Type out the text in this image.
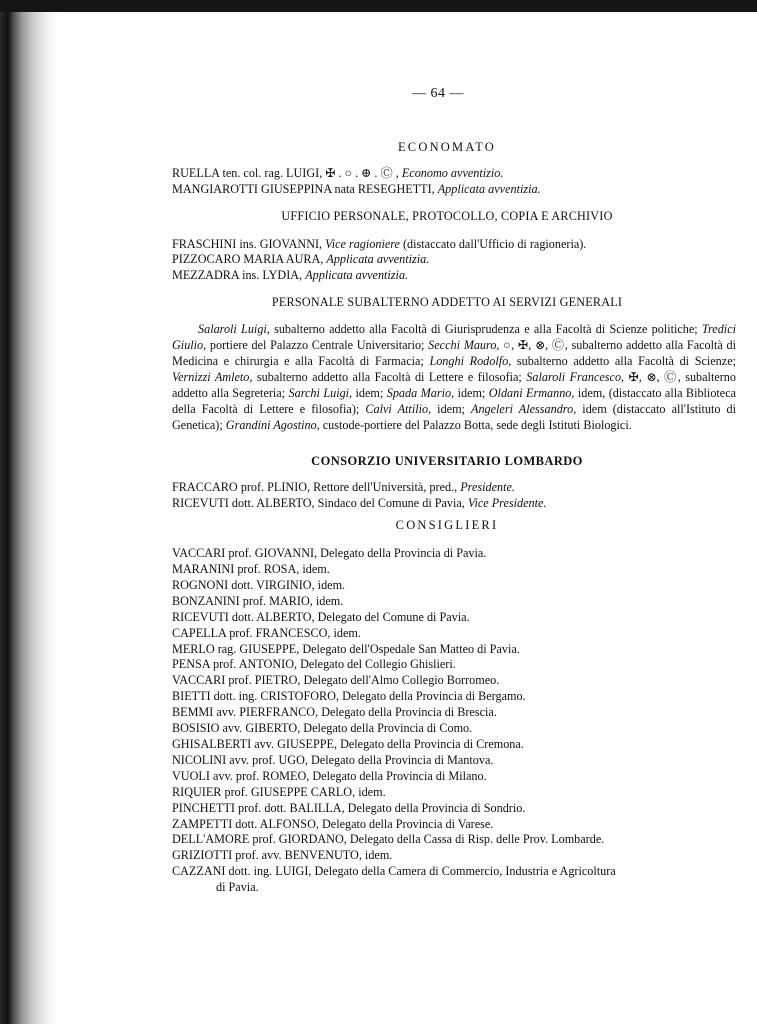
— 64 —
ECONOMATO
RUELLA ten. col. rag. LUIGI, ✠ . ○ . ⊕ . Ⓒ , Economo avventizio.
MANGIAROTTI GIUSEPPINA nata RESEGHETTI, Applicata avventizia.
UFFICIO PERSONALE, PROTOCOLLO, COPIA E ARCHIVIO
FRASCHINI ins. GIOVANNI, Vice ragioniere (distaccato dall'Ufficio di ragioneria).
PIZZOCARO MARIA AURA, Applicata avventizia.
MEZZADRA ins. LYDIA, Applicata avventizia.
PERSONALE SUBALTERNO ADDETTO AI SERVIZI GENERALI
Salaroli Luigi, subalterno addetto alla Facoltà di Giurisprudenza e alla Facoltà di Scienze politiche; Tredici Giulio, portiere del Palazzo Centrale Universitario; Secchi Mauro, ○, ✠, ⊗, Ⓒ, subalterno addetto alla Facoltà di Medicina e chirurgia e alla Facoltà di Farmacia; Longhi Rodolfo, subalterno addetto alla Facoltà di Scienze; Vernizzi Amleto, subalterno addetto alla Facoltà di Lettere e filosofia; Salaroli Francesco, ✠, ⊗, Ⓒ, subalterno addetto alla Segreteria; Sarchi Luigi, idem; Spada Mario, idem; Oldani Ermanno, idem, (distaccato alla Biblioteca della Facoltà di Lettere e filosofia); Calvi Attilio, idem; Angeleri Alessandro, idem (distaccato all'Istituto di Genetica); Grandini Agostino, custode-portiere del Palazzo Botta, sede degli Istituti Biologici.
CONSORZIO UNIVERSITARIO LOMBARDO
FRACCARO prof. PLINIO, Rettore dell'Università, pred., Presidente.
RICEVUTI dott. ALBERTO, Sindaco del Comune di Pavia, Vice Presidente.
CONSIGLIERI
VACCARI prof. GIOVANNI, Delegato della Provincia di Pavia.
MARANINI prof. ROSA, idem.
ROGNONI dott. VIRGINIO, idem.
BONZANINI prof. MARIO, idem.
RICEVUTI dott. ALBERTO, Delegato del Comune di Pavia.
CAPELLA prof. FRANCESCO, idem.
MERLO rag. GIUSEPPE, Delegato dell'Ospedale San Matteo di Pavia.
PENSA prof. ANTONIO, Delegato del Collegio Ghislieri.
VACCARI prof. PIETRO, Delegato dell'Almo Collegio Borromeo.
BIETTI dott. ing. CRISTOFORO, Delegato della Provincia di Bergamo.
BEMMI avv. PIERFRANCO, Delegato della Provincia di Brescia.
BOSISIO avv. GIBERTO, Delegato della Provincia di Como.
GHISALBERTI avv. GIUSEPPE, Delegato della Provincia di Cremona.
NICOLINI avv. prof. UGO, Delegato della Provincia di Mantova.
VUOLI avv. prof. ROMEO, Delegato della Provincia di Milano.
RIQUIER prof. GIUSEPPE CARLO, idem.
PINCHETTI prof. dott. BALILLA, Delegato della Provincia di Sondrio.
ZAMPETTI dott. ALFONSO, Delegato della Provincia di Varese.
DELL'AMORE prof. GIORDANO, Delegato della Cassa di Risp. delle Prov. Lombarde.
GRIZIOTTI prof. avv. BENVENUTO, idem.
CAZZANI dott. ing. LUIGI, Delegato della Camera di Commercio, Industria e Agricoltura
di Pavia.
